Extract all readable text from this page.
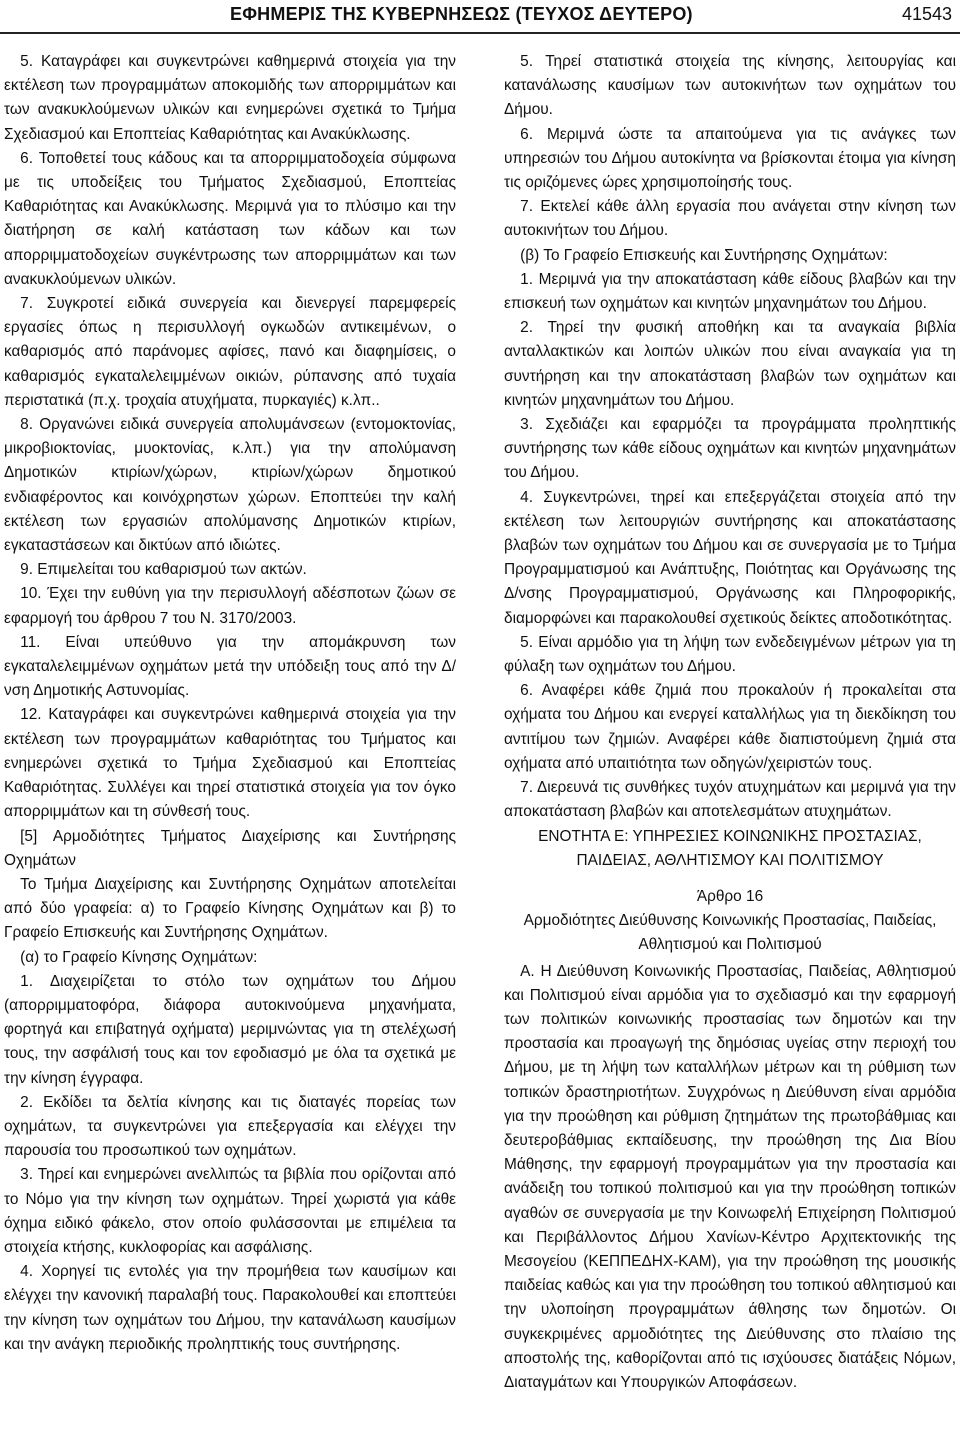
ΕΦΗΜΕΡΙΣ ΤΗΣ ΚΥΒΕΡΝΗΣΕΩΣ (ΤΕΥΧΟΣ ΔΕΥΤΕΡΟ)	41543

5. Καταγράφει και συγκεντρώνει καθημερινά στοιχεία για την εκτέλεση των προγραμμάτων αποκομιδής των απορριμμάτων και των ανακυκλούμενων υλικών και ενημερώνει σχετικά το Τμήμα Σχεδιασμού και Εποπτείας Καθαριότητας και Ανακύκλωσης.

6. Τοποθετεί τους κάδους και τα απορριμματοδοχεία σύμφωνα με τις υποδείξεις του Τμήματος Σχεδιασμού, Εποπτείας Καθαριότητας και Ανακύκλωσης. Μεριμνά για το πλύσιμο και την διατήρηση σε καλή κατάσταση των κάδων και των απορριμματοδοχείων συγκέντρωσης των απορριμμάτων και των ανακυκλούμενων υλικών.

7. Συγκροτεί ειδικά συνεργεία και διενεργεί παρεμφερείς εργασίες όπως η περισυλλογή ογκωδών αντικειμένων, ο καθαρισμός από παράνομες αφίσες, πανό και διαφημίσεις, ο καθαρισμός εγκαταλελειμμένων οικιών, ρύπανσης από τυχαία περιστατικά (π.χ. τροχαία ατυχήματα, πυρκαγιές) κ.λπ..

8. Οργανώνει ειδικά συνεργεία απολυμάνσεων (εντομοκτονίας, μικροβιοκτονίας, μυοκτονίας, κ.λπ.) για την απολύμανση Δημοτικών κτιρίων/χώρων, κτιρίων/χώρων δημοτικού ενδιαφέροντος και κοινόχρηστων χώρων. Εποπτεύει την καλή εκτέλεση των εργασιών απολύμανσης Δημοτικών κτιρίων, εγκαταστάσεων και δικτύων από ιδιώτες.

9. Επιμελείται του καθαρισμού των ακτών.

10. Έχει την ευθύνη για την περισυλλογή αδέσποτων ζώων σε εφαρμογή του άρθρου 7 του Ν. 3170/2003.

11. Είναι υπεύθυνο για την απομάκρυνση των εγκαταλελειμμένων οχημάτων μετά την υπόδειξη τους από την Δ/νση Δημοτικής Αστυνομίας.

12. Καταγράφει και συγκεντρώνει καθημερινά στοιχεία για την εκτέλεση των προγραμμάτων καθαριότητας του Τμήματος και ενημερώνει σχετικά το Τμήμα Σχεδιασμού και Εποπτείας Καθαριότητας. Συλλέγει και τηρεί στατιστικά στοιχεία για τον όγκο απορριμμάτων και τη σύνθεσή τους.

[5] Αρμοδιότητες Τμήματος Διαχείρισης και Συντήρησης Οχημάτων

Το Τμήμα Διαχείρισης και Συντήρησης Οχημάτων αποτελείται από δύο γραφεία: α) το Γραφείο Κίνησης Οχημάτων και β) το Γραφείο Επισκευής και Συντήρησης Οχημάτων.

(α) το Γραφείο Κίνησης Οχημάτων:

1. Διαχειρίζεται το στόλο των οχημάτων του Δήμου (απορριμματοφόρα, διάφορα αυτοκινούμενα μηχανήματα, φορτηγά και επιβατηγά οχήματα) μεριμνώντας για τη στελέχωσή τους, την ασφάλισή τους και τον εφοδιασμό με όλα τα σχετικά με την κίνηση έγγραφα.

2. Εκδίδει τα δελτία κίνησης και τις διαταγές πορείας των οχημάτων, τα συγκεντρώνει για επεξεργασία και ελέγχει την παρουσία του προσωπικού των οχημάτων.

3. Τηρεί και ενημερώνει ανελλιπώς τα βιβλία που ορίζονται από το Νόμο για την κίνηση των οχημάτων. Τηρεί χωριστά για κάθε όχημα ειδικό φάκελο, στον οποίο φυλάσσονται με επιμέλεια τα στοιχεία κτήσης, κυκλοφορίας και ασφάλισης.

4. Χορηγεί τις εντολές για την προμήθεια των καυσίμων και ελέγχει την κανονική παραλαβή τους. Παρακολουθεί και εποπτεύει την κίνηση των οχημάτων του Δήμου, την κατανάλωση καυσίμων και την ανάγκη περιοδικής προληπτικής τους συντήρησης.

5. Τηρεί στατιστικά στοιχεία της κίνησης, λειτουργίας και κατανάλωσης καυσίμων των αυτοκινήτων των οχημάτων του Δήμου.

6. Μεριμνά ώστε τα απαιτούμενα για τις ανάγκες των υπηρεσιών του Δήμου αυτοκίνητα να βρίσκονται έτοιμα για κίνηση τις οριζόμενες ώρες χρησιμοποίησής τους.

7. Εκτελεί κάθε άλλη εργασία που ανάγεται στην κίνηση των αυτοκινήτων του Δήμου.

(β) Το Γραφείο Επισκευής και Συντήρησης Οχημάτων:

1. Μεριμνά για την αποκατάσταση κάθε είδους βλαβών και την επισκευή των οχημάτων και κινητών μηχανημάτων του Δήμου.

2. Τηρεί την φυσική αποθήκη και τα αναγκαία βιβλία ανταλλακτικών και λοιπών υλικών που είναι αναγκαία για τη συντήρηση και την αποκατάσταση βλαβών των οχημάτων και κινητών μηχανημάτων του Δήμου.

3. Σχεδιάζει και εφαρμόζει τα προγράμματα προληπτικής συντήρησης των κάθε είδους οχημάτων και κινητών μηχανημάτων του Δήμου.

4. Συγκεντρώνει, τηρεί και επεξεργάζεται στοιχεία από την εκτέλεση των λειτουργιών συντήρησης και αποκατάστασης βλαβών των οχημάτων του Δήμου και σε συνεργασία με το Τμήμα Προγραμματισμού και Ανάπτυξης, Ποιότητας και Οργάνωσης της Δ/νσης Προγραμματισμού, Οργάνωσης και Πληροφορικής, διαμορφώνει και παρακολουθεί σχετικούς δείκτες αποδοτικότητας.

5. Είναι αρμόδιο για τη λήψη των ενδεδειγμένων μέτρων για τη φύλαξη των οχημάτων του Δήμου.

6. Αναφέρει κάθε ζημιά που προκαλούν ή προκαλείται στα οχήματα του Δήμου και ενεργεί καταλλήλως για τη διεκδίκηση του αντιτίμου των ζημιών. Αναφέρει κάθε διαπιστούμενη ζημιά στα οχήματα από υπαιτιότητα των οδηγών/χειριστών τους.

7. Διερευνά τις συνθήκες τυχόν ατυχημάτων και μεριμνά για την αποκατάσταση βλαβών και αποτελεσμάτων ατυχημάτων.

ΕΝΟΤΗΤΑ Ε: ΥΠΗΡΕΣΙΕΣ ΚΟΙΝΩΝΙΚΗΣ ΠΡΟΣΤΑΣΙΑΣ, ΠΑΙΔΕΙΑΣ, ΑΘΛΗΤΙΣΜΟΥ ΚΑΙ ΠΟΛΙΤΙΣΜΟΥ

Άρθρο 16

Αρμοδιότητες Διεύθυνσης Κοινωνικής Προστασίας, Παιδείας, Αθλητισμού και Πολιτισμού

Α. Η Διεύθυνση Κοινωνικής Προστασίας, Παιδείας, Αθλητισμού και Πολιτισμού είναι αρμόδια για το σχεδιασμό και την εφαρμογή των πολιτικών κοινωνικής προστασίας των δημοτών και την προστασία και προαγωγή της δημόσιας υγείας στην περιοχή του Δήμου, με τη λήψη των καταλλήλων μέτρων και τη ρύθμιση των τοπικών δραστηριοτήτων. Συγχρόνως η Διεύθυνση είναι αρμόδια για την προώθηση και ρύθμιση ζητημάτων της πρωτοβάθμιας και δευτεροβάθμιας εκπαίδευσης, την προώθηση της Δια Βίου Μάθησης, την εφαρμογή προγραμμάτων για την προστασία και ανάδειξη του τοπικού πολιτισμού και για την προώθηση τοπικών αγαθών σε συνεργασία με την Κοινωφελή Επιχείρηση Πολιτισμού και Περιβάλλοντος Δήμου Χανίων-Κέντρο Αρχιτεκτονικής της Μεσογείου (ΚΕΠΠΕΔΗΧ-ΚΑΜ), για την προώθηση της μουσικής παιδείας καθώς και για την προώθηση του τοπικού αθλητισμού και την υλοποίηση προγραμμάτων άθλησης των δημοτών. Οι συγκεκριμένες αρμοδιότητες της Διεύθυνσης στο πλαίσιο της αποστολής της, καθορίζονται από τις ισχύουσες διατάξεις Νόμων, Διαταγμάτων και Υπουργικών Αποφάσεων.
